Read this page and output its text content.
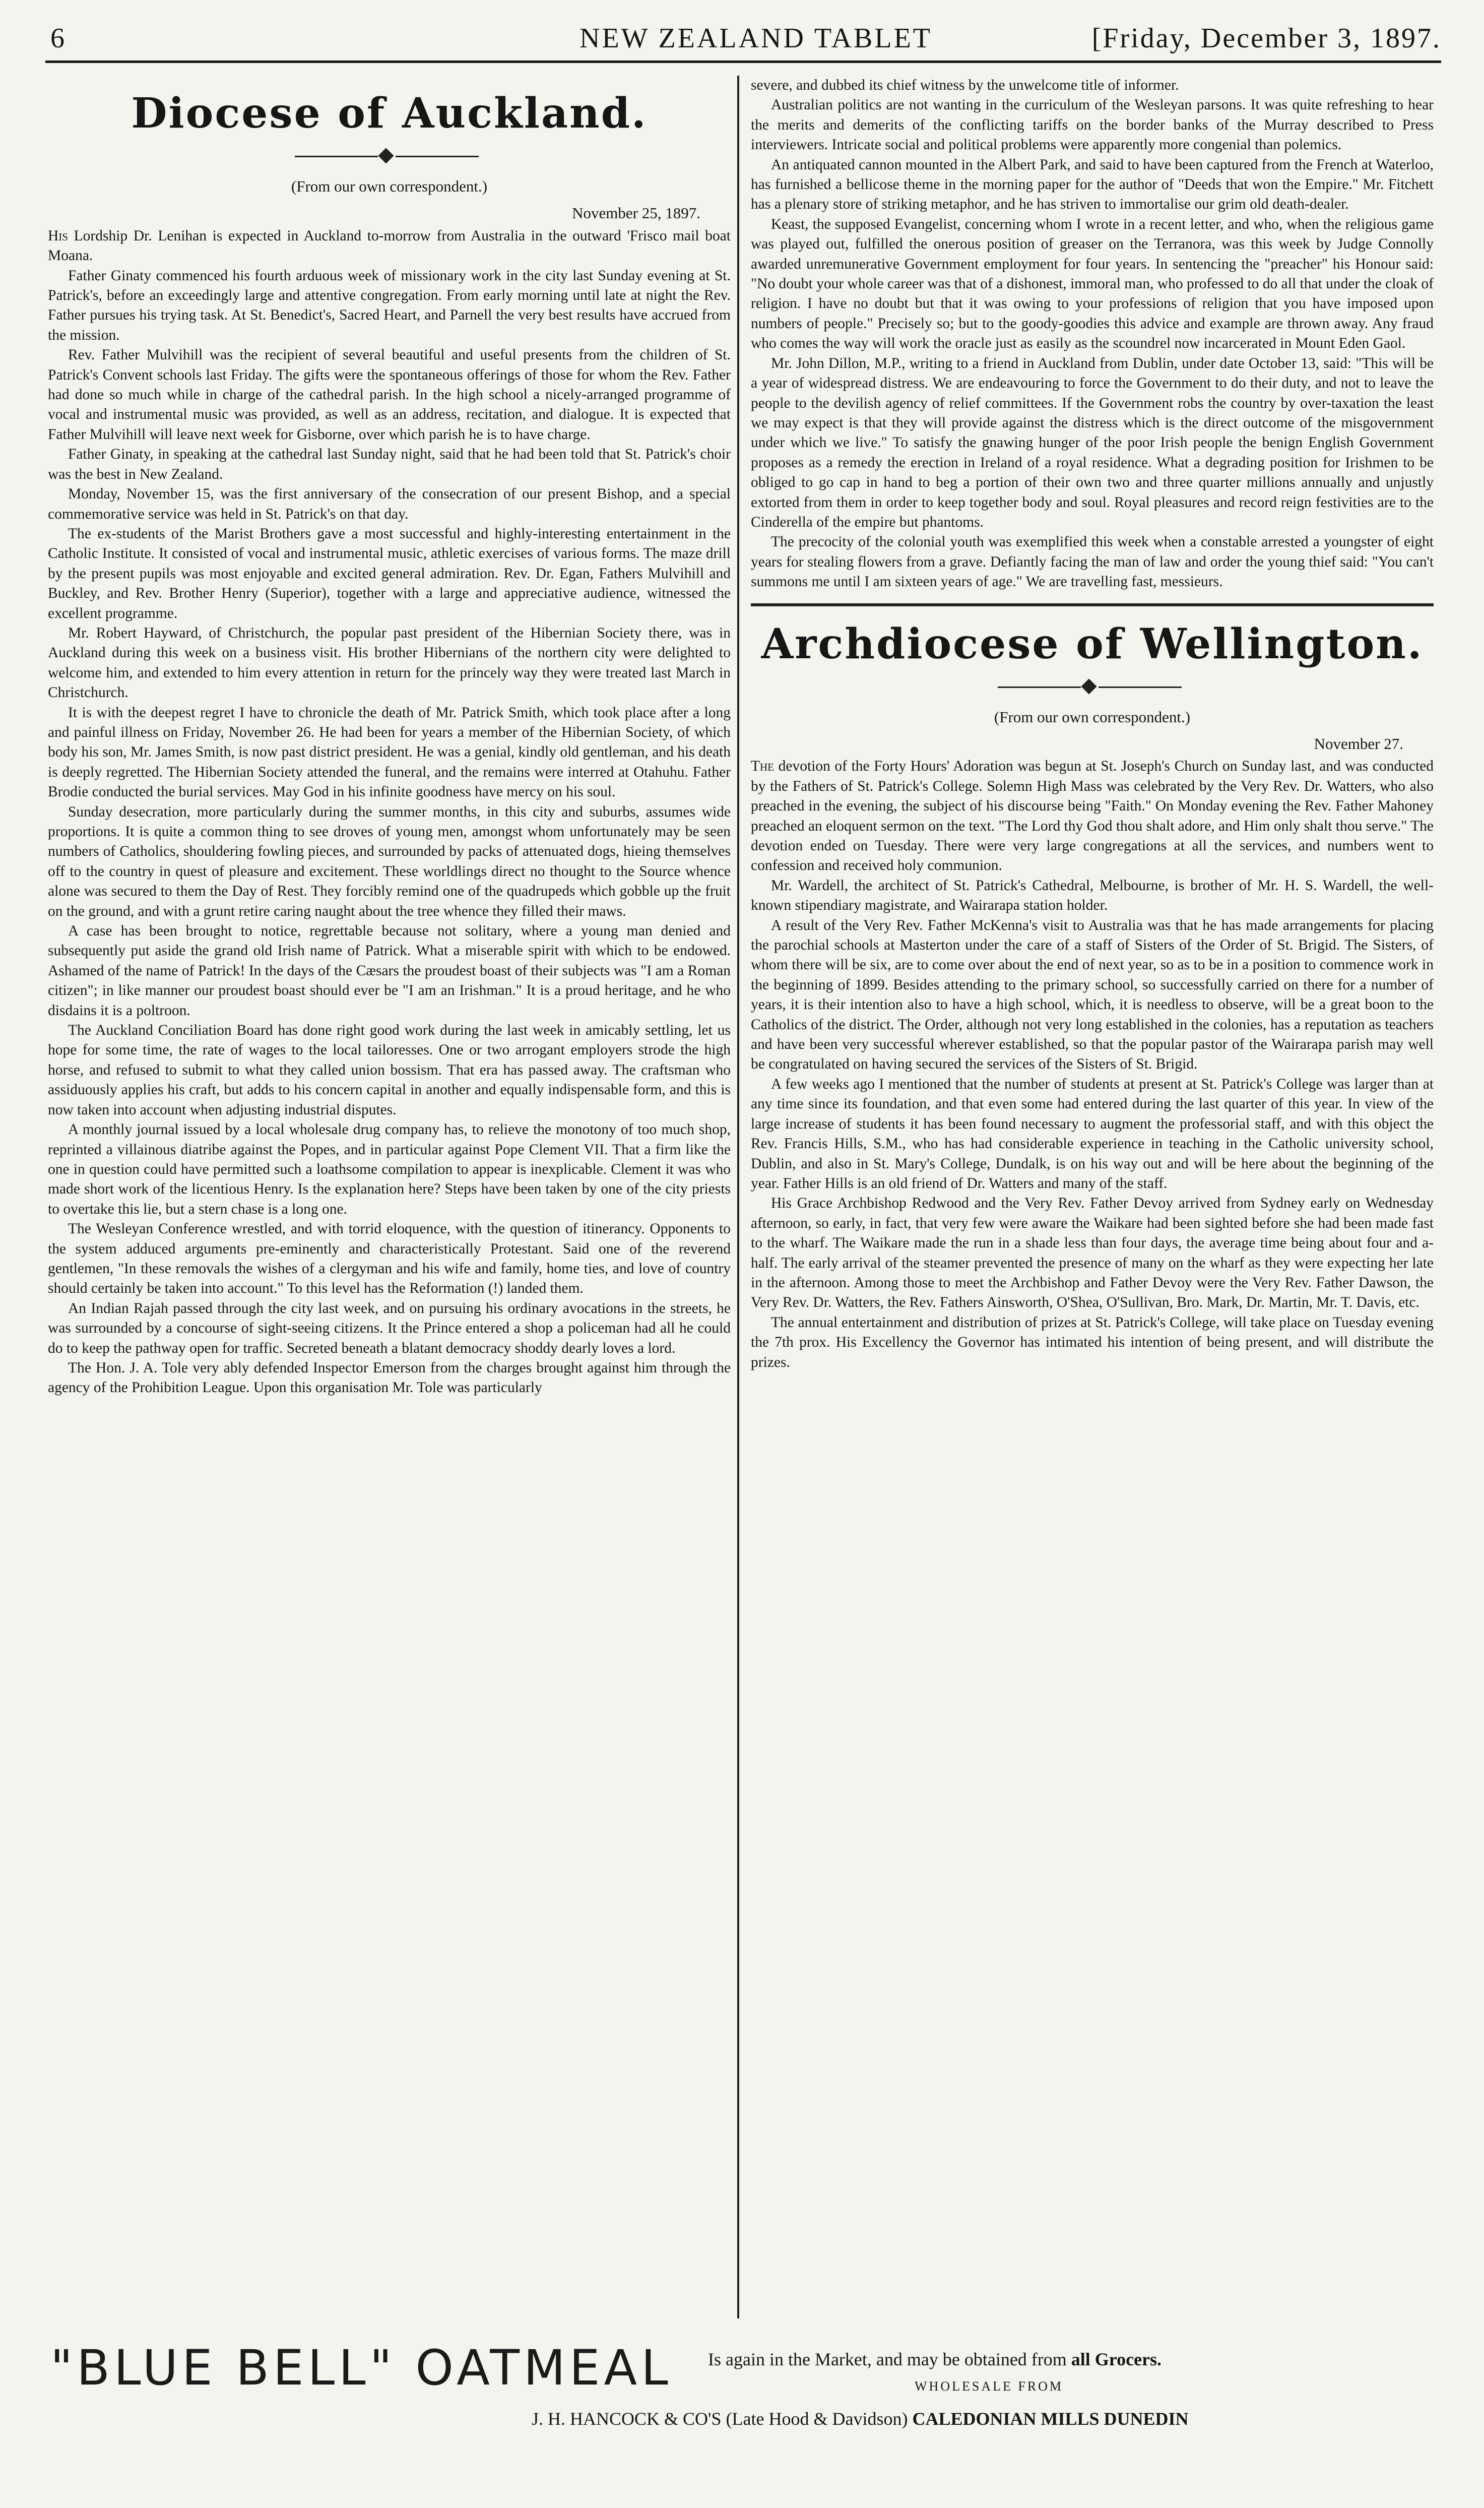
6	NEW ZEALAND TABLET	[Friday, December 3, 1897.
Diocese of Auckland.
(From our own correspondent.)
November 25, 1897.

His Lordship Dr. Lenihan is expected in Auckland to-morrow from Australia in the outward 'Frisco mail boat Moana.

Father Ginaty commenced his fourth arduous week of missionary work in the city last Sunday evening at St. Patrick's, before an exceedingly large and attentive congregation. From early morning until late at night the Rev. Father pursues his trying task. At St. Benedict's, Sacred Heart, and Parnell the very best results have accrued from the mission.

Rev. Father Mulvihill was the recipient of several beautiful and useful presents from the children of St. Patrick's Convent schools last Friday. The gifts were the spontaneous offerings of those for whom the Rev. Father had done so much while in charge of the cathedral parish. In the high school a nicely-arranged programme of vocal and instrumental music was provided, as well as an address, recitation, and dialogue. It is expected that Father Mulvihill will leave next week for Gisborne, over which parish he is to have charge.

Father Ginaty, in speaking at the cathedral last Sunday night, said that he had been told that St. Patrick's choir was the best in New Zealand.

Monday, November 15, was the first anniversary of the consecration of our present Bishop, and a special commemorative service was held in St. Patrick's on that day.

The ex-students of the Marist Brothers gave a most successful and highly-interesting entertainment in the Catholic Institute. It consisted of vocal and instrumental music, athletic exercises of various forms. The maze drill by the present pupils was most enjoyable and excited general admiration. Rev. Dr. Egan, Fathers Mulvihill and Buckley, and Rev. Brother Henry (Superior), together with a large and appreciative audience, witnessed the excellent programme.

Mr. Robert Hayward, of Christchurch, the popular past president of the Hibernian Society there, was in Auckland during this week on a business visit. His brother Hibernians of the northern city were delighted to welcome him, and extended to him every attention in return for the princely way they were treated last March in Christchurch.

It is with the deepest regret I have to chronicle the death of Mr. Patrick Smith, which took place after a long and painful illness on Friday, November 26. He had been for years a member of the Hibernian Society, of which body his son, Mr. James Smith, is now past district president. He was a genial, kindly old gentleman, and his death is deeply regretted. The Hibernian Society attended the funeral, and the remains were interred at Otahuhu. Father Brodie conducted the burial services. May God in his infinite goodness have mercy on his soul.

Sunday desecration, more particularly during the summer months, in this city and suburbs, assumes wide proportions. It is quite a common thing to see droves of young men, amongst whom unfortunately may be seen numbers of Catholics, shouldering fowling pieces, and surrounded by packs of attenuated dogs, hieing themselves off to the country in quest of pleasure and excitement. These worldlings direct no thought to the Source whence alone was secured to them the Day of Rest. They forcibly remind one of the quadrupeds which gobble up the fruit on the ground, and with a grunt retire caring naught about the tree whence they filled their maws.

A case has been brought to notice, regrettable because not solitary, where a young man denied and subsequently put aside the grand old Irish name of Patrick. What a miserable spirit with which to be endowed. Ashamed of the name of Patrick! In the days of the Cæsars the proudest boast of their subjects was "I am a Roman citizen"; in like manner our proudest boast should ever be "I am an Irishman." It is a proud heritage, and he who disdains it is a poltroon.

The Auckland Conciliation Board has done right good work during the last week in amicably settling, let us hope for some time, the rate of wages to the local tailoresses. One or two arrogant employers strode the high horse, and refused to submit to what they called union bossism. That era has passed away. The craftsman who assiduously applies his craft, but adds to his concern capital in another and equally indispensable form, and this is now taken into account when adjusting industrial disputes.

A monthly journal issued by a local wholesale drug company has, to relieve the monotony of too much shop, reprinted a villainous diatribe against the Popes, and in particular against Pope Clement VII. That a firm like the one in question could have permitted such a loathsome compilation to appear is inexplicable. Clement it was who made short work of the licentious Henry. Is the explanation here? Steps have been taken by one of the city priests to overtake this lie, but a stern chase is a long one.

The Wesleyan Conference wrestled, and with torrid eloquence, with the question of itinerancy. Opponents to the system adduced arguments pre-eminently and characteristically Protestant. Said one of the reverend gentlemen, "In these removals the wishes of a clergyman and his wife and family, home ties, and love of country should certainly be taken into account." To this level has the Reformation (!) landed them.

An Indian Rajah passed through the city last week, and on pursuing his ordinary avocations in the streets, he was surrounded by a concourse of sight-seeing citizens. It the Prince entered a shop a policeman had all he could do to keep the pathway open for traffic. Secreted beneath a blatant democracy shoddy dearly loves a lord.

The Hon. J. A. Tole very ably defended Inspector Emerson from the charges brought against him through the agency of the Prohibition League. Upon this organisation Mr. Tole was particularly

severe, and dubbed its chief witness by the unwelcome title of informer.

Australian politics are not wanting in the curriculum of the Wesleyan parsons. It was quite refreshing to hear the merits and demerits of the conflicting tariffs on the border banks of the Murray described to Press interviewers. Intricate social and political problems were apparently more congenial than polemics.

An antiquated cannon mounted in the Albert Park, and said to have been captured from the French at Waterloo, has furnished a bellicose theme in the morning paper for the author of "Deeds that won the Empire." Mr. Fitchett has a plenary store of striking metaphor, and he has striven to immortalise our grim old death-dealer.

Keast, the supposed Evangelist, concerning whom I wrote in a recent letter, and who, when the religious game was played out, fulfilled the onerous position of greaser on the Terranora, was this week by Judge Connolly awarded unremunerative Government employment for four years. In sentencing the "preacher" his Honour said: "No doubt your whole career was that of a dishonest, immoral man, who professed to do all that under the cloak of religion. I have no doubt but that it was owing to your professions of religion that you have imposed upon numbers of people." Precisely so; but to the goody-goodies this advice and example are thrown away. Any fraud who comes the way will work the oracle just as easily as the scoundrel now incarcerated in Mount Eden Gaol.

Mr. John Dillon, M.P., writing to a friend in Auckland from Dublin, under date October 13, said: "This will be a year of widespread distress. We are endeavouring to force the Government to do their duty, and not to leave the people to the devilish agency of relief committees. If the Government robs the country by over-taxation the least we may expect is that they will provide against the distress which is the direct outcome of the misgovernment under which we live." To satisfy the gnawing hunger of the poor Irish people the benign English Government proposes as a remedy the erection in Ireland of a royal residence. What a degrading position for Irishmen to be obliged to go cap in hand to beg a portion of their own two and three quarter millions annually and unjustly extorted from them in order to keep together body and soul. Royal pleasures and record reign festivities are to the Cinderella of the empire but phantoms.

The precocity of the colonial youth was exemplified this week when a constable arrested a youngster of eight years for stealing flowers from a grave. Defiantly facing the man of law and order the young thief said: "You can't summons me until I am sixteen years of age." We are travelling fast, messieurs.

Archdiocese of Wellington.
(From our own correspondent.)
November 27.

The devotion of the Forty Hours' Adoration was begun at St. Joseph's Church on Sunday last, and was conducted by the Fathers of St. Patrick's College. Solemn High Mass was celebrated by the Very Rev. Dr. Watters, who also preached in the evening, the subject of his discourse being "Faith." On Monday evening the Rev. Father Mahoney preached an eloquent sermon on the text. "The Lord thy God thou shalt adore, and Him only shalt thou serve." The devotion ended on Tuesday. There were very large congregations at all the services, and numbers went to confession and received holy communion.

Mr. Wardell, the architect of St. Patrick's Cathedral, Melbourne, is brother of Mr. H. S. Wardell, the well-known stipendiary magistrate, and Wairarapa station holder.

A result of the Very Rev. Father McKenna's visit to Australia was that he has made arrangements for placing the parochial schools at Masterton under the care of a staff of Sisters of the Order of St. Brigid. The Sisters, of whom there will be six, are to come over about the end of next year, so as to be in a position to commence work in the beginning of 1899. Besides attending to the primary school, so successfully carried on there for a number of years, it is their intention also to have a high school, which, it is needless to observe, will be a great boon to the Catholics of the district. The Order, although not very long established in the colonies, has a reputation as teachers and have been very successful wherever established, so that the popular pastor of the Wairarapa parish may well be congratulated on having secured the services of the Sisters of St. Brigid.

A few weeks ago I mentioned that the number of students at present at St. Patrick's College was larger than at any time since its foundation, and that even some had entered during the last quarter of this year. In view of the large increase of students it has been found necessary to augment the professorial staff, and with this object the Rev. Francis Hills, S.M., who has had considerable experience in teaching in the Catholic university school, Dublin, and also in St. Mary's College, Dundalk, is on his way out and will be here about the beginning of the year. Father Hills is an old friend of Dr. Watters and many of the staff.

His Grace Archbishop Redwood and the Very Rev. Father Devoy arrived from Sydney early on Wednesday afternoon, so early, in fact, that very few were aware the Waikare had been sighted before she had been made fast to the wharf. The Waikare made the run in a shade less than four days, the average time being about four and a-half. The early arrival of the steamer prevented the presence of many on the wharf as they were expecting her late in the afternoon. Among those to meet the Archbishop and Father Devoy were the Very Rev. Father Dawson, the Very Rev. Dr. Watters, the Rev. Fathers Ainsworth, O'Shea, O'Sullivan, Bro. Mark, Dr. Martin, Mr. T. Davis, etc.

The annual entertainment and distribution of prizes at St. Patrick's College, will take place on Tuesday evening the 7th prox. His Excellency the Governor has intimated his intention of being present, and will distribute the prizes.

"BLUE BELL" OATMEAL Is again in the Market, and may be obtained from all Grocers.
WHOLESALE FROM
J. H. HANCOCK & CO'S (Late Hood & Davidson) CALEDONIAN MILLS DUNEDIN
